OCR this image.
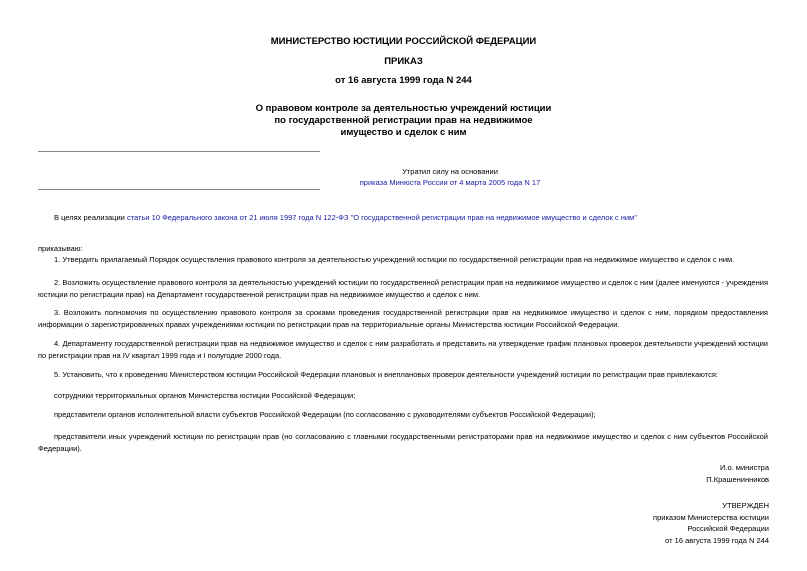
МИНИСТЕРСТВО ЮСТИЦИИ РОССИЙСКОЙ ФЕДЕРАЦИИ
ПРИКАЗ
от 16 августа 1999 года N 244
О правовом контроле за деятельностью учреждений юстиции
по государственной регистрации прав на недвижимое
имущество и сделок с ним
Утратил силу на основании
приказа Минюста России от 4 марта 2005 года N 17
В целях реализации статьи 10 Федерального закона от 21 июля 1997 года N 122-ФЗ "О государственной регистрации прав на недвижимое имущество и сделок с ним"
приказываю:
1. Утвердить прилагаемый Порядок осуществления правового контроля за деятельностью учреждений юстиции по государственной регистрации прав на недвижимое имущество и сделок с ним.
2. Возложить осуществление правового контроля за деятельностью учреждений юстиции по государственной регистрации прав на недвижимое имущество и сделок с ним (далее именуются - учреждения юстиции по регистрации прав) на Департамент государственной регистрации прав на недвижимое имущество и сделок с ним.
3. Возложить полномочия по осуществлению правового контроля за сроками проведения государственной регистрации прав на недвижимое имущество и сделок с ним, порядком предоставления информации о зарегистрированных правах учреждениями юстиции по регистрации прав на территориальные органы Министерства юстиции Российской Федерации.
4. Департаменту государственной регистрации прав на недвижимое имущество и сделок с ним разработать и представить на утверждение график плановых проверок деятельности учреждений юстиции по регистрации прав на IV квартал 1999 года и I полугодие 2000 года.
5. Установить, что к проведению Министерством юстиции Российской Федерации плановых и внеплановых проверок деятельности учреждений юстиции по регистрации прав привлекаются:
сотрудники территориальных органов Министерства юстиции Российской Федерации;
представители органов исполнительной власти субъектов Российской Федерации (по согласованию с руководителями субъектов Российской Федерации);
представители иных учреждений юстиции по регистрации прав (но согласованию с главными государственными регистраторами прав на недвижимое имущество и сделок с ним субъектов Российской Федерации).
И.о. министра
П.Крашенинников
УТВЕРЖДЕН
приказом Министерства юстиции
Российской Федерации
от 16 августа 1999 года N 244
